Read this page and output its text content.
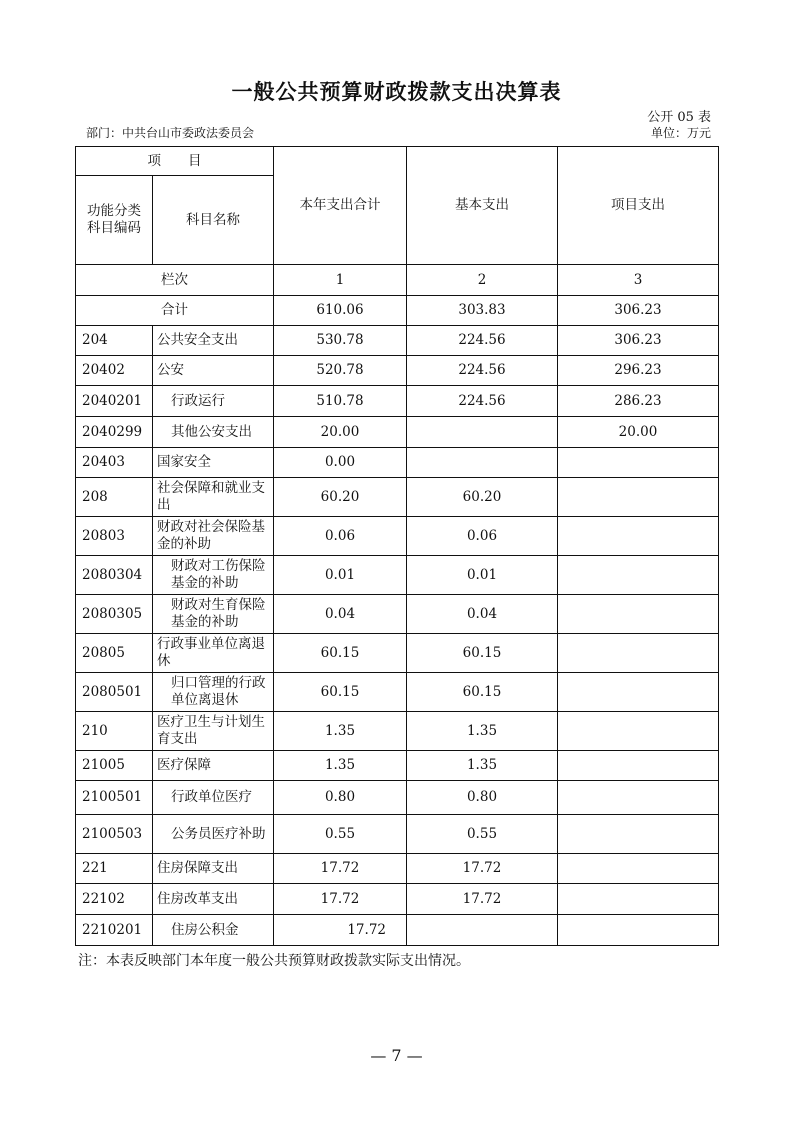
一般公共预算财政拨款支出决算表
公开 05 表
部门：中共台山市委政法委员会	单位：万元
项　　目		本年支出合计	基本支出	项目支出
功能分类科目编码	科目名称			
栏次		1	2	3
合计		610.06	303.83	306.23
204	公共安全支出	530.78	224.56	306.23
20402	公安	520.78	224.56	296.23
2040201	行政运行	510.78	224.56	286.23
2040299	其他公安支出	20.00		20.00
20403	国家安全	0.00		
208	社会保障和就业支出	60.20	60.20	
20803	财政对社会保险基金的补助	0.06	0.06	
2080304	财政对工伤保险基金的补助	0.01	0.01	
2080305	财政对生育保险基金的补助	0.04	0.04	
20805	行政事业单位离退休	60.15	60.15	
2080501	归口管理的行政单位离退休	60.15	60.15	
210	医疗卫生与计划生育支出	1.35	1.35	
21005	医疗保障	1.35	1.35	
2100501	行政单位医疗	0.80	0.80	
2100503	公务员医疗补助	0.55	0.55	
221	住房保障支出	17.72	17.72	
22102	住房改革支出	17.72	17.72	
2210201	住房公积金	17.72		
注：本表反映部门本年度一般公共预算财政拨款实际支出情况。
— 7 —
